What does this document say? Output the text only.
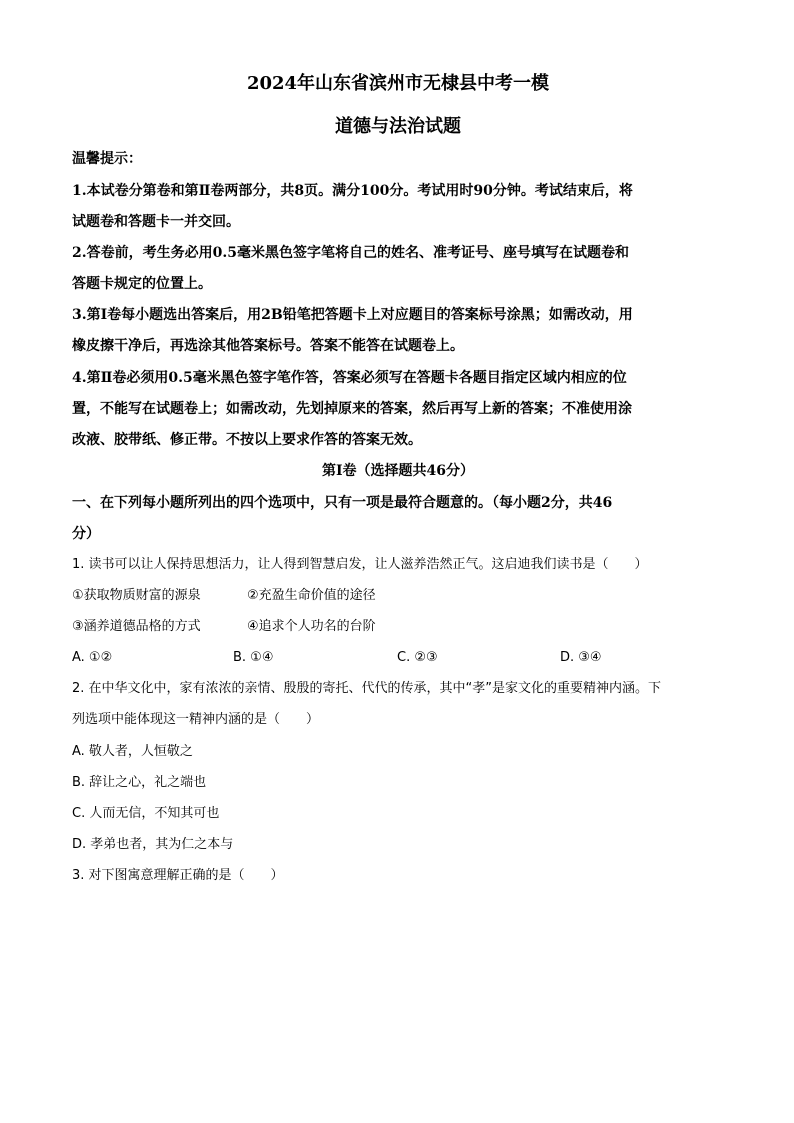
2024年山东省滨州市无棣县中考一模
道德与法治试题
温馨提示：
1.本试卷分第卷和第Ⅱ卷两部分，共8页。满分100分。考试用时90分钟。考试结束后，将
试题卷和答题卡一并交回。
2.答卷前，考生务必用0.5毫米黑色签字笔将自己的姓名、准考证号、座号填写在试题卷和
答题卡规定的位置上。
3.第Ⅰ卷每小题选出答案后，用2B铅笔把答题卡上对应题目的答案标号涂黑；如需改动，用
橡皮擦干净后，再选涂其他答案标号。答案不能答在试题卷上。
4.第Ⅱ卷必须用0.5毫米黑色签字笔作答，答案必须写在答题卡各题目指定区域内相应的位
置，不能写在试题卷上；如需改动，先划掉原来的答案，然后再写上新的答案；不准使用涂
改液、胶带纸、修正带。不按以上要求作答的答案无效。
第Ⅰ卷（选择题共46分）
一、在下列每小题所列出的四个选项中，只有一项是最符合题意的。（每小题2分，共46
分）
1. 读书可以让人保持思想活力，让人得到智慧启发，让人滋养浩然正气。这启迪我们读书是（　　）
①获取物质财富的源泉	②充盈生命价值的途径
③涵养道德品格的方式	④追求个人功名的台阶
A. ①②	B. ①④	C. ②③	D. ③④
2. 在中华文化中，家有浓浓的亲情、殷殷的寄托、代代的传承，其中“孝”是家文化的重要精神内涵。下
列选项中能体现这一精神内涵的是（　　）
A. 敬人者，人恒敬之
B. 辞让之心，礼之端也
C. 人而无信，不知其可也
D. 孝弟也者，其为仁之本与
3. 对下图寓意理解正确的是（　　）
